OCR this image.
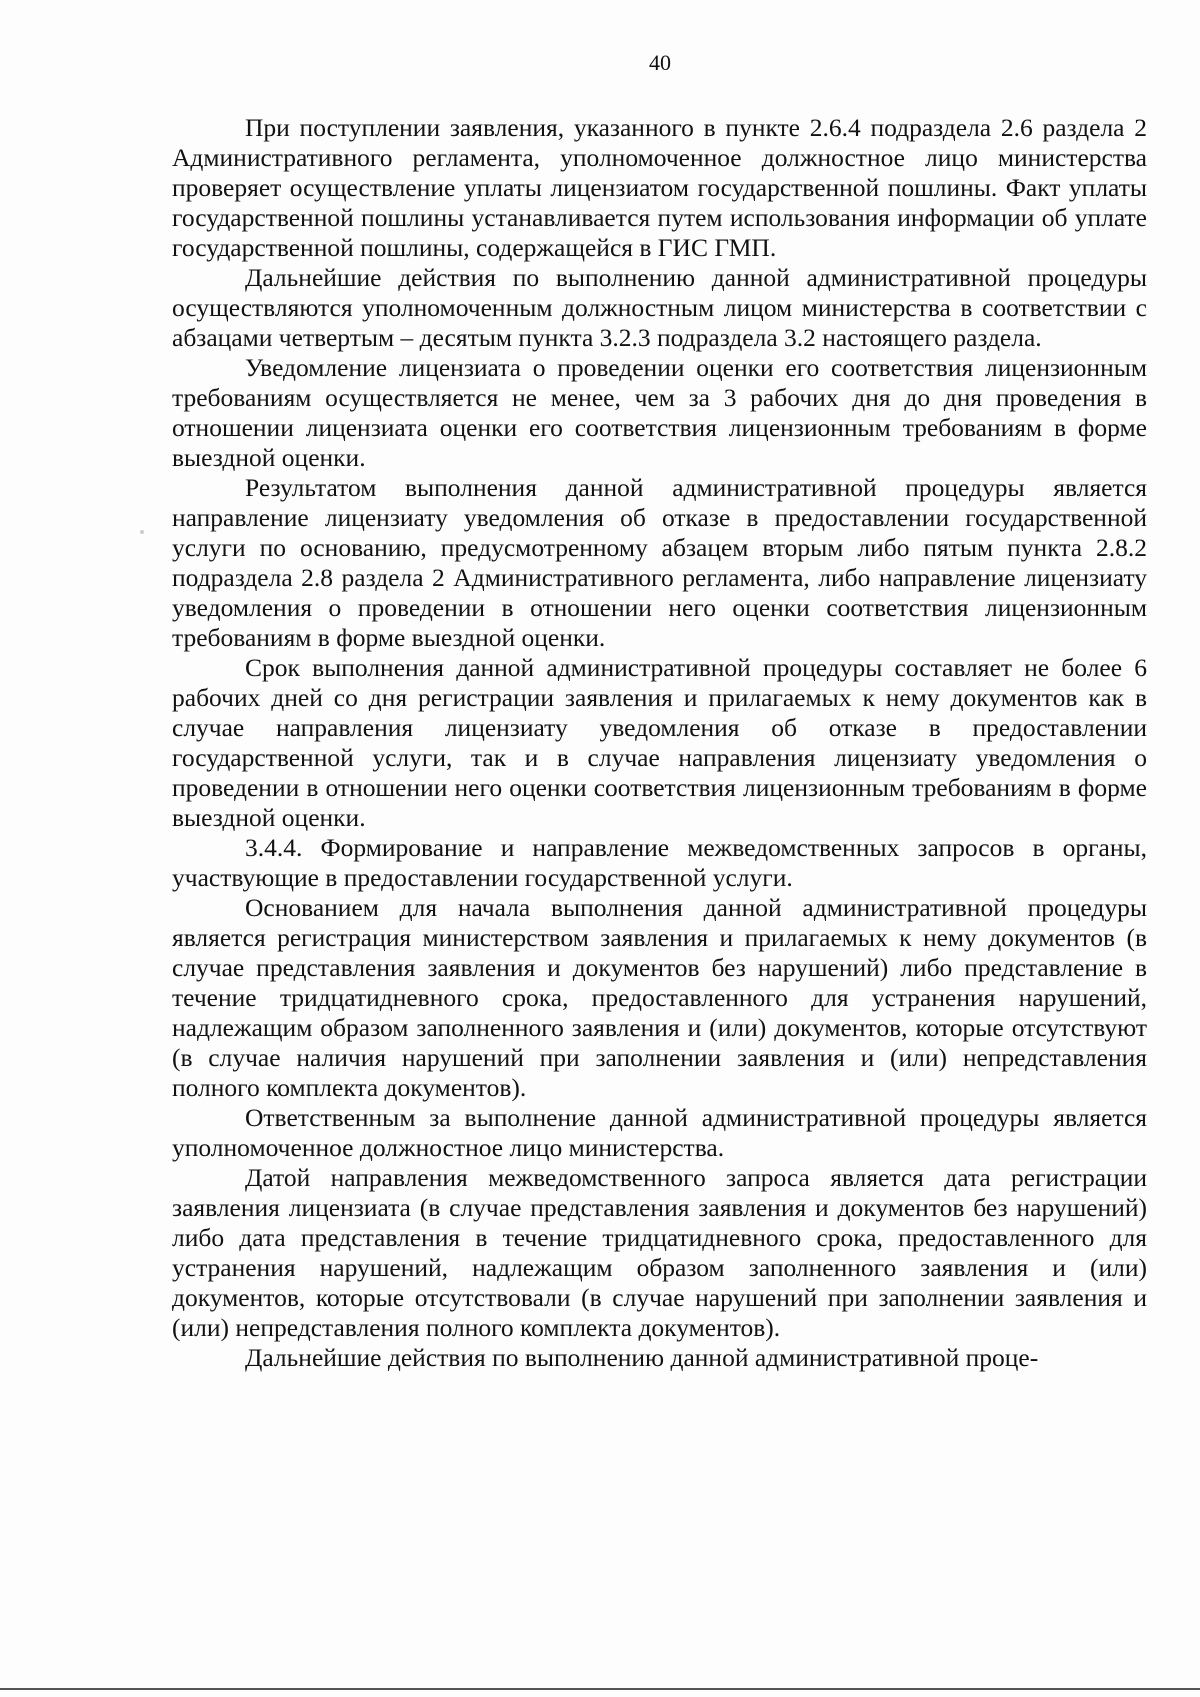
40

При поступлении заявления, указанного в пункте 2.6.4 подраздела 2.6 раздела 2 Административного регламента, уполномоченное должностное лицо министерства проверяет осуществление уплаты лицензиатом государственной пошлины. Факт уплаты государственной пошлины устанавливается путем использования информации об уплате государственной пошлины, содержащейся в ГИС ГМП.

Дальнейшие действия по выполнению данной административной процедуры осуществляются уполномоченным должностным лицом министерства в соответствии с абзацами четвертым – десятым пункта 3.2.3 подраздела 3.2 настоящего раздела.

Уведомление лицензиата о проведении оценки его соответствия лицензионным требованиям осуществляется не менее, чем за 3 рабочих дня до дня проведения в отношении лицензиата оценки его соответствия лицензионным требованиям в форме выездной оценки.

Результатом выполнения данной административной процедуры является направление лицензиату уведомления об отказе в предоставлении государственной услуги по основанию, предусмотренному абзацем вторым либо пятым пункта 2.8.2 подраздела 2.8 раздела 2 Административного регламента, либо направление лицензиату уведомления о проведении в отношении него оценки соответствия лицензионным требованиям в форме выездной оценки.

Срок выполнения данной административной процедуры составляет не более 6 рабочих дней со дня регистрации заявления и прилагаемых к нему документов как в случае направления лицензиату уведомления об отказе в предоставлении государственной услуги, так и в случае направления лицензиату уведомления о проведении в отношении него оценки соответствия лицензионным требованиям в форме выездной оценки.

3.4.4. Формирование и направление межведомственных запросов в органы, участвующие в предоставлении государственной услуги.

Основанием для начала выполнения данной административной процедуры является регистрация министерством заявления и прилагаемых к нему документов (в случае представления заявления и документов без нарушений) либо представление в течение тридцатидневного срока, предоставленного для устранения нарушений, надлежащим образом заполненного заявления и (или) документов, которые отсутствуют (в случае наличия нарушений при заполнении заявления и (или) непредставления полного комплекта документов).

Ответственным за выполнение данной административной процедуры является уполномоченное должностное лицо министерства.

Датой направления межведомственного запроса является дата регистрации заявления лицензиата (в случае представления заявления и документов без нарушений) либо дата представления в течение тридцатидневного срока, предоставленного для устранения нарушений, надлежащим образом заполненного заявления и (или) документов, которые отсутствовали (в случае нарушений при заполнении заявления и (или) непредставления полного комплекта документов).

Дальнейшие действия по выполнению данной административной проце-
